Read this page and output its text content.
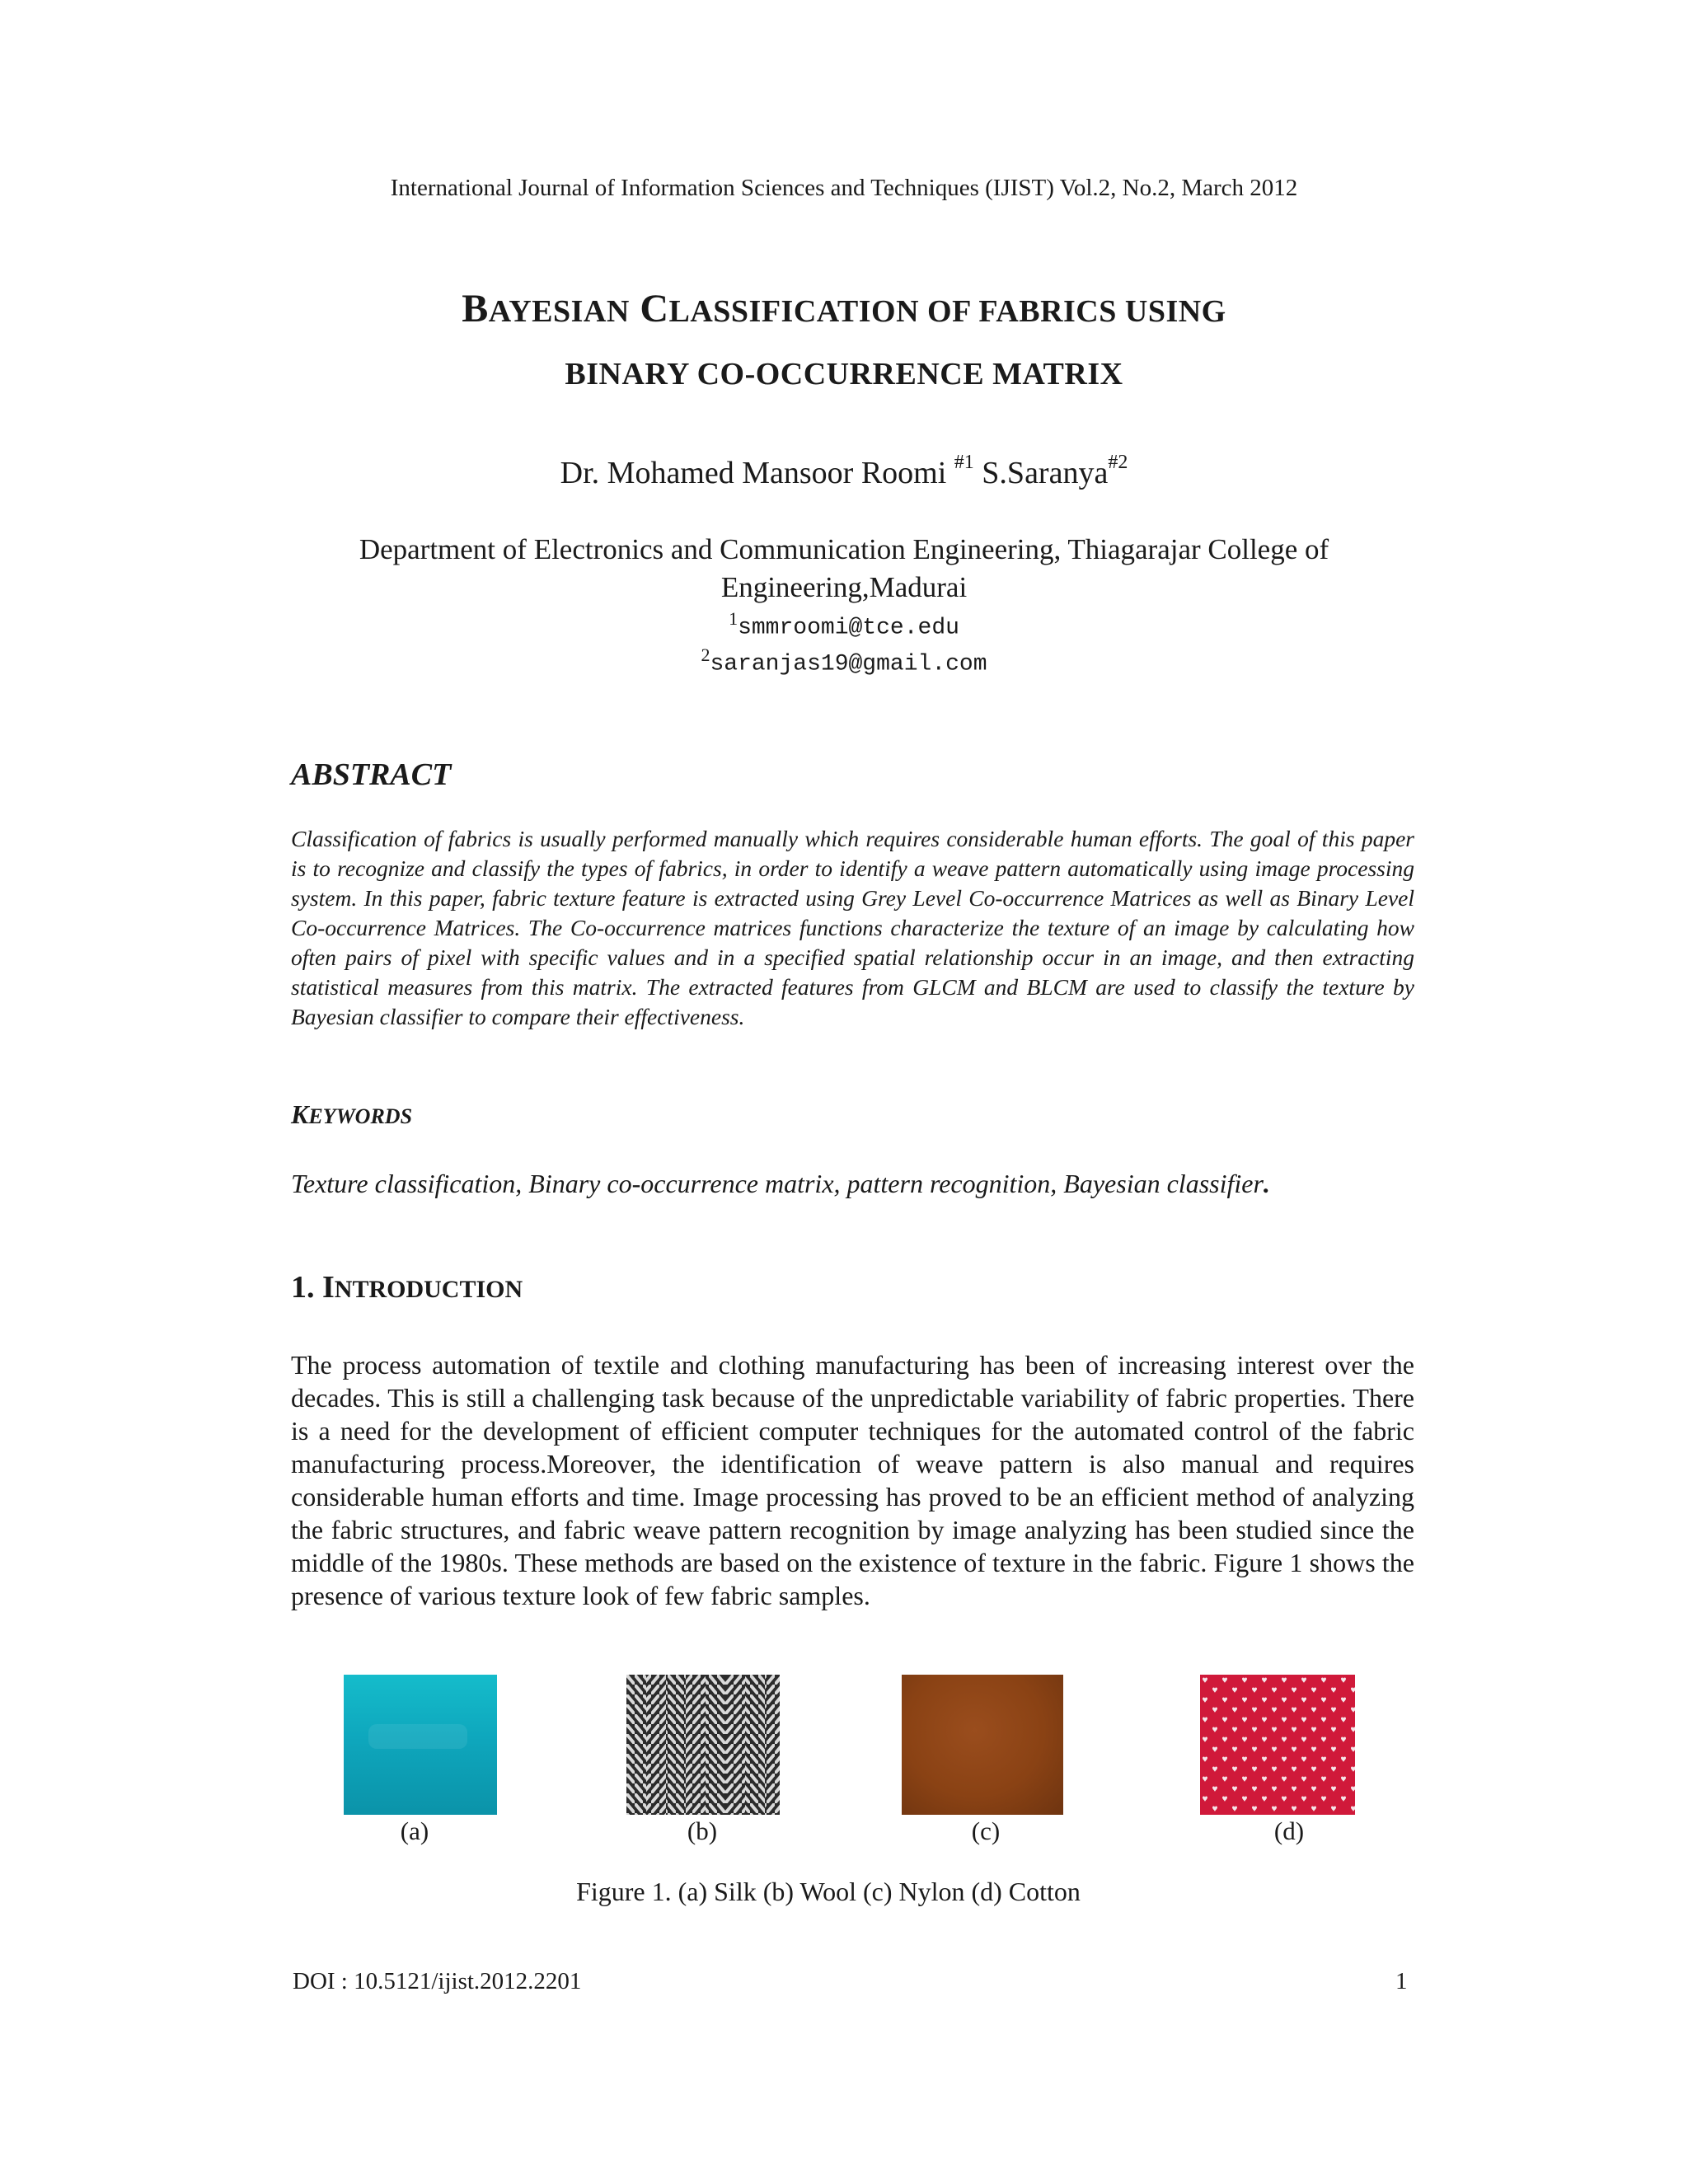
International Journal of Information Sciences and Techniques (IJIST) Vol.2, No.2, March 2012
BAYESIAN CLASSIFICATION OF FABRICS USING
BINARY CO-OCCURRENCE MATRIX
Dr. Mohamed Mansoor Roomi $^{\#1}$ S.Saranya$^{\#2}$
Department of Electronics and Communication Engineering, Thiagarajar College of
Engineering,Madurai
$^1$smmroomi@tce.edu
$^2$saranjas19@gmail.com
ABSTRACT
Classification of fabrics is usually performed manually which requires considerable human efforts. The goal of this paper is to recognize and classify the types of fabrics, in order to identify a weave pattern automatically using image processing system. In this paper, fabric texture feature is extracted using Grey Level Co-occurrence Matrices as well as Binary Level Co-occurrence Matrices. The Co-occurrence matrices functions characterize the texture of an image by calculating how often pairs of pixel with specific values and in a specified spatial relationship occur in an image, and then extracting statistical measures from this matrix. The extracted features from GLCM and BLCM are used to classify the texture by Bayesian classifier to compare their effectiveness.
KEYWORDS
Texture classification, Binary co-occurrence matrix, pattern recognition, Bayesian classifier.
1. INTRODUCTION
The process automation of textile and clothing manufacturing has been of increasing interest over the decades. This is still a challenging task because of the unpredictable variability of fabric properties. There is a need for the development of efficient computer techniques for the automated control of the fabric manufacturing process.Moreover, the identification of weave pattern is also manual and requires considerable human efforts and time. Image processing has proved to be an efficient method of analyzing the fabric structures, and fabric weave pattern recognition by image analyzing has been studied since the middle of the 1980s. These methods are based on the existence of texture in the fabric. Figure 1 shows the presence of various texture look of few fabric samples.
(a)	(b)	(c)	(d)
Figure 1. (a) Silk (b) Wool (c) Nylon (d) Cotton
DOI : 10.5121/ijist.2012.2201	1
